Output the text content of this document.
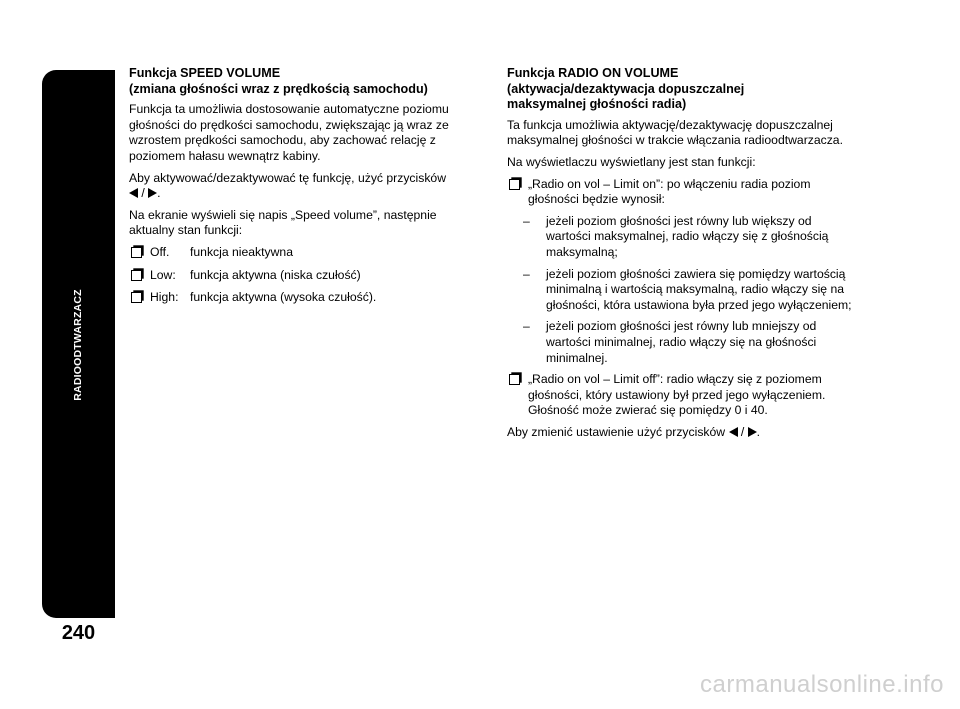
RADIOODTWARZACZ
240
Funkcja SPEED VOLUME
(zmiana głośności wraz z prędkością samochodu)
Funkcja ta umożliwia dostosowanie automatyczne poziomu głośności do prędkości samochodu, zwiększając ją wraz ze wzrostem prędkości samochodu, aby zachować relację z poziomem hałasu wewnątrz kabiny.
Aby aktywować/dezaktywować tę funkcję, użyć przycisków
/ .
Na ekranie wyświeli się napis „Speed volume”, następnie aktualny stan funkcji:
Off.	funkcja nieaktywna
Low:	funkcja aktywna (niska czułość)
High: funkcja aktywna (wysoka czułość).
Funkcja RADIO ON VOLUME
(aktywacja/dezaktywacja dopuszczalnej
maksymalnej głośności radia)
Ta funkcja umożliwia aktywację/dezaktywację dopuszczalnej maksymalnej głośności w trakcie włączania radioodtwarzacza.
Na wyświetlaczu wyświetlany jest stan funkcji:
„Radio on vol – Limit on”: po włączeniu radia poziom głośności będzie wynosił:
– jeżeli poziom głośności jest równy lub większy od wartości maksymalnej, radio włączy się z głośnością maksymalną;
– jeżeli poziom głośności zawiera się pomiędzy wartością minimalną i wartością maksymalną, radio włączy się na głośności, która ustawiona była przed jego wyłączeniem;
– jeżeli poziom głośności jest równy lub mniejszy od wartości minimalnej, radio włączy się na głośności minimalnej.
„Radio on vol – Limit off”: radio włączy się z poziomem głośności, który ustawiony był przed jego wyłączeniem. Głośność może zwierać się pomiędzy 0 i 40.
Aby zmienić ustawienie użyć przycisków / .
carmanualsonline.info
